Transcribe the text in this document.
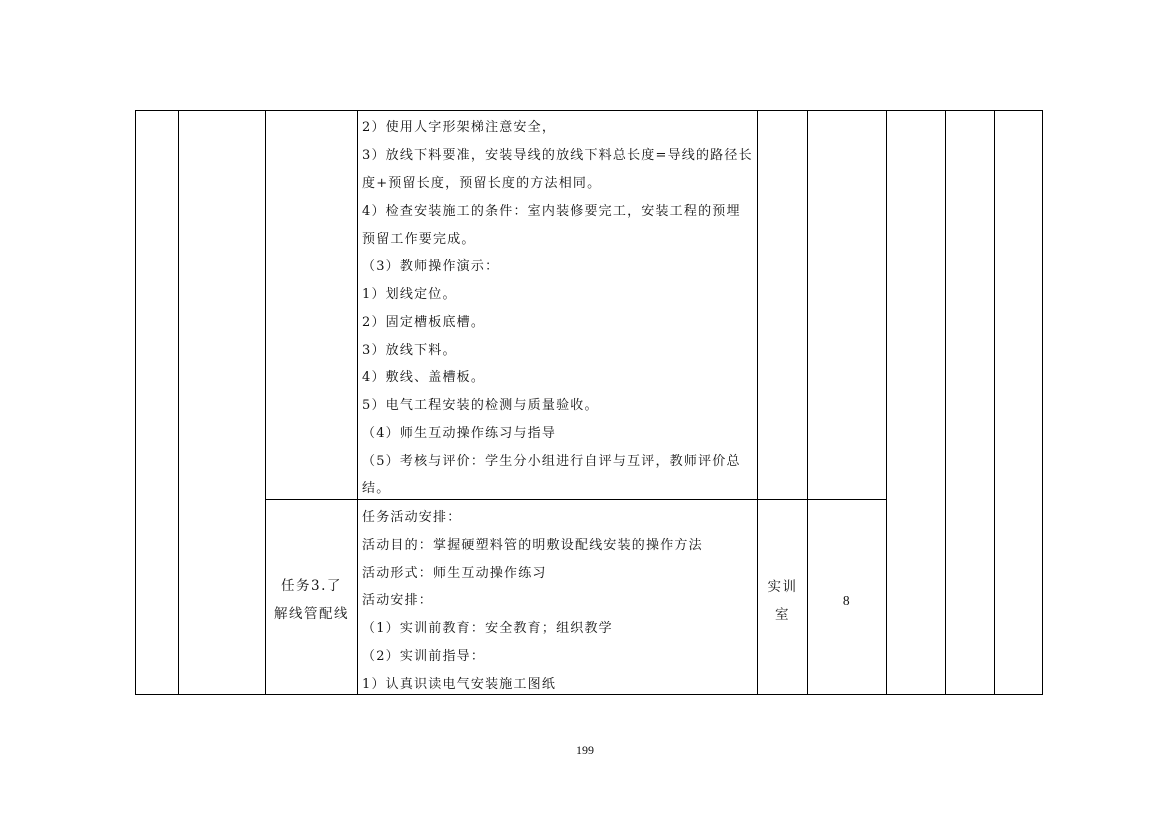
2）使用人字形架梯注意安全，
3）放线下料要准，安装导线的放线下料总长度=导线的路径长
度+预留长度，预留长度的方法相同。
4）检查安装施工的条件：室内装修要完工，安装工程的预埋
预留工作要完成。
（3）教师操作演示：
1）划线定位。
2）固定槽板底槽。
3）放线下料。
4）敷线、盖槽板。
5）电气工程安装的检测与质量验收。
（4）师生互动操作练习与指导
（5）考核与评价：学生分小组进行自评与互评，教师评价总
结。
任务3.了
解线管配线
任务活动安排：
活动目的：掌握硬塑料管的明敷设配线安装的操作方法
活动形式：师生互动操作练习
活动安排：
（1）实训前教育：安全教育；组织教学
（2）实训前指导：
1）认真识读电气安装施工图纸
实训
室
8
199
